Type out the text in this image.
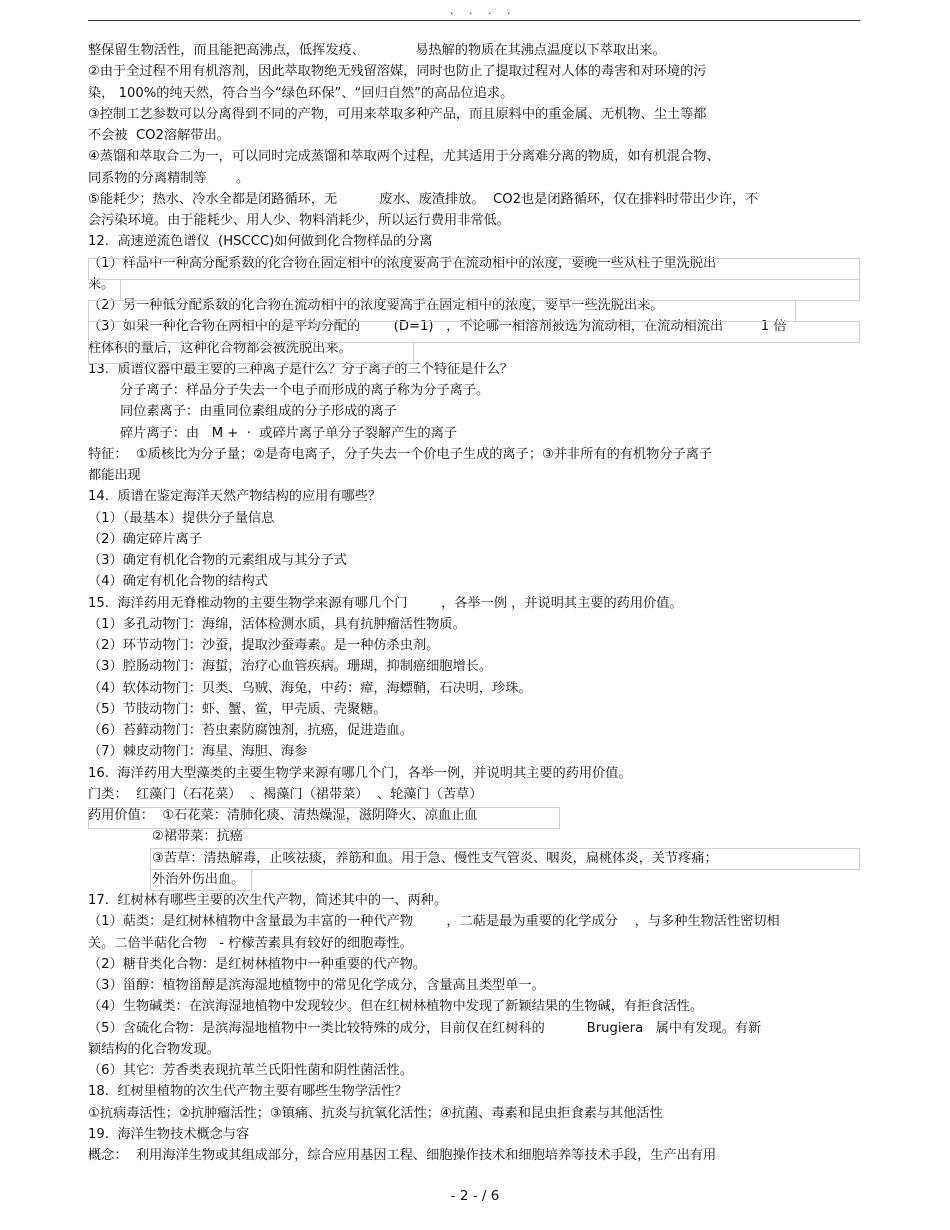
. . . .
整保留生物活性，而且能把高沸点，低挥发疫、            易热解的物质在其沸点温度以下萃取出来。
②由于全过程不用有机溶剂，因此萃取物绝无残留溶媒，同时也防止了提取过程对人体的毒害和对环境的污
染， 100%的纯天然，符合当今“绿色环保”、“回归自然”的高品位追求。
③控制工艺参数可以分离得到不同的产物，可用来萃取多种产品，而且原料中的重金属、无机物、尘土等都
不会被  CO2溶解带出。
④蒸馏和萃取合二为一，可以同时完成蒸馏和萃取两个过程，尤其适用于分离难分离的物质，如有机混合物、
同系物的分离精制等       。
⑤能耗少；热水、冷水全都是闭路循环，无          废水、废渣排放。  CO2也是闭路循环，仅在排料时带出少许，不
会污染环境。由于能耗少、用人少、物料消耗少，所以运行费用非常低。
12.  高速逆流色谱仪  (HSCCC)如何做到化合物样品的分离
（1）样品中一种高分配系数的化合物在固定相中的浓度要高于在流动相中的浓度，要晚一些从柱子里洗脱出
来。
（2）另一种低分配系数的化合物在流动相中的浓度要高于在固定相中的浓度，要早一些洗脱出来。
（3）如果一种化合物在两相中的是平均分配的        (D=1)   ，不论哪一相溶剂被选为流动相，在流动相流出         1 倍
柱体积的量后，这种化合物都会被洗脱出来。
13.  质谱仪器中最主要的三种离子是什么？分子离子的三个特征是什么？
分子离子：样品分子失去一个电子而形成的离子称为分子离子。
同位素离子：由重同位素组成的分子形成的离子
碎片离子：由   M +  ·  或碎片离子单分子裂解产生的离子
特征：  ①质核比为分子量；②是奇电离子，分子失去一个价电子生成的离子；③并非所有的有机物分子离子
都能出现
14.  质谱在鉴定海洋天然产物结构的应用有哪些？
（1）（最基本）提供分子量信息
（2）确定碎片离子
（3）确定有机化合物的元素组成与其分子式
（4）确定有机化合物的结构式
15.  海洋药用无脊椎动物的主要生物学来源有哪几个门        ，各举一例 ，并说明其主要的药用价值。
（1）多孔动物门：海绵，活体检测水质，具有抗肿瘤活性物质。
（2）环节动物门：沙蚕，提取沙蚕毒素。是一种仿杀虫剂。
（3）腔肠动物门：海蜇，治疗心血管疾病。珊瑚，抑制癌细胞增长。
（4）软体动物门：贝类、乌贼、海兔，中药：瘴，海螵鞘，石决明，珍珠。
（5）节肢动物门：虾、蟹、鲎，甲壳质、壳聚糖。
（6）苔藓动物门：苔虫素防腐蚀剂，抗癌，促进造血。
（7）棘皮动物门：海星、海胆、海参
16.  海洋药用大型藻类的主要生物学来源有哪几个门，各举一例，并说明其主要的药用价值。
门类：  红藻门（石花菜）  、褐藻门（裙带菜）  、轮藻门（苦草）
药用价值：  ①石花菜：清肺化痰、清热燥湿，滋阴降火、凉血止血
②裙带菜：抗癌
③苦草：清热解毒，止咳祛痰，养筋和血。用于急、慢性支气管炎、咽炎，扁桃体炎，关节疼痛；
外治外伤出血。
17.  红树林有哪些主要的次生代产物，简述其中的一、两种。
（1）萜类：是红树林植物中含量最为丰富的一种代产物        ，二萜是最为重要的化学成分    ，与多种生物活性密切相
关。二倍半萜化合物   - 柠檬苦素具有较好的细胞毒性。
（2）糖苷类化合物：是红树林植物中一种重要的代产物。
（3）甾醇：植物甾醇是滨海湿地植物中的常见化学成分，含量高且类型单一。
（4）生物碱类：在滨海湿地植物中发现较少。但在红树林植物中发现了新颖结果的生物碱，有拒食活性。
（5）含硫化合物：是滨海湿地植物中一类比较特殊的成分，目前仅在红树科的          Brugiera   属中有发现。有新
颖结构的化合物发现。
（6）其它：芳香类表现抗革兰氏阳性菌和阴性菌活性。
18.  红树里植物的次生代产物主要有哪些生物学活性？
①抗病毒活性；②抗肿瘤活性；③镇痛、抗炎与抗氧化活性；④抗菌、毒素和昆虫拒食素与其他活性
19.  海洋生物技术概念与容
概念：  利用海洋生物或其组成部分，综合应用基因工程、细胞操作技术和细胞培养等技术手段，生产出有用
- 2 - / 6
